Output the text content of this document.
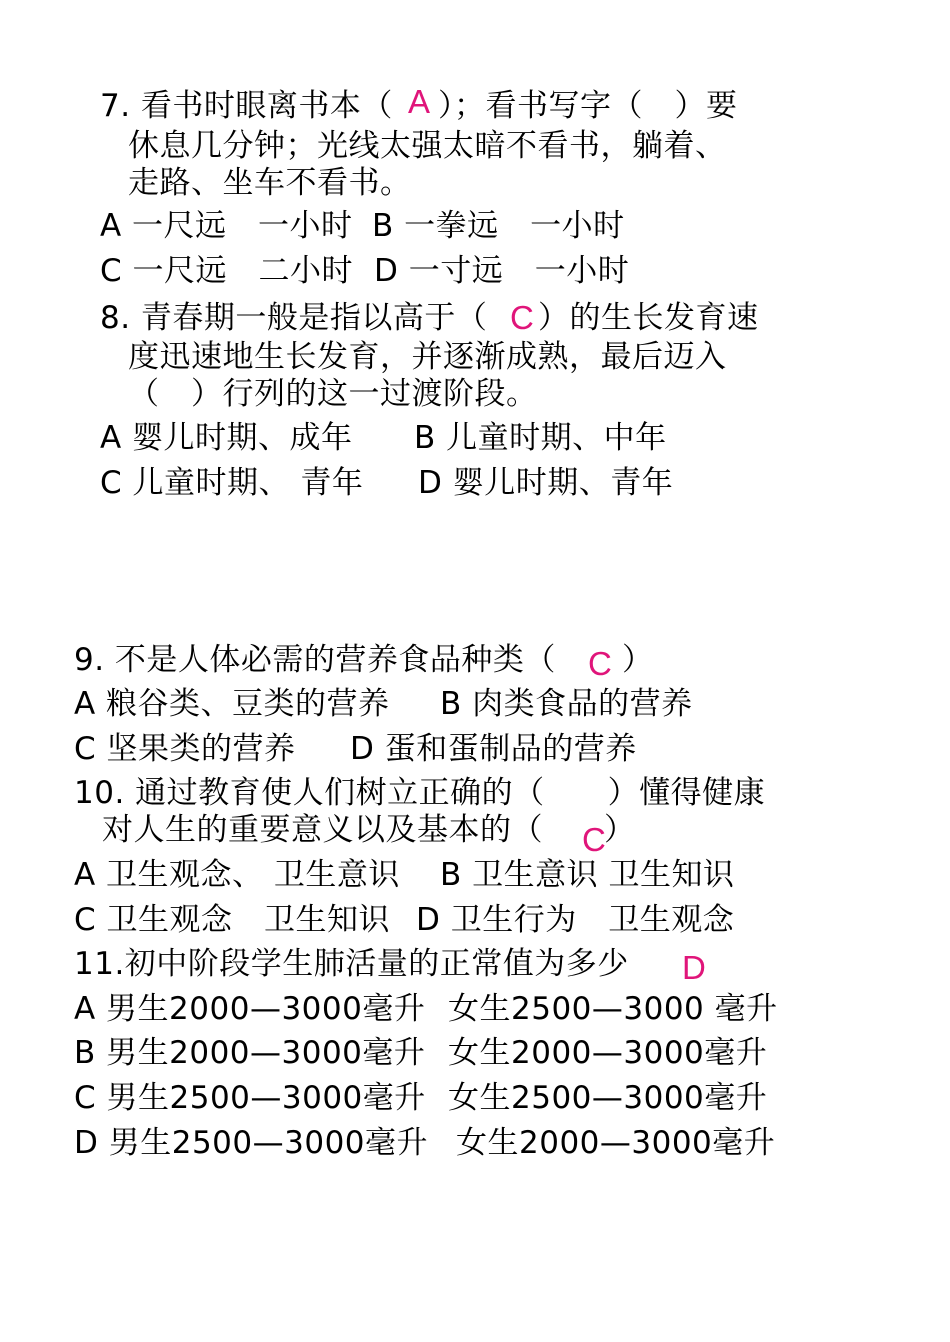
7. 看书时眼离书本（ A ）；看书写字（　）要
休息几分钟；光线太强太暗不看书，躺着、
走路、坐车不看书。
A 一尺远　一小时 B 一拳远　一小时
C 一尺远　二小时 D 一寸远　一小时
8. 青春期一般是指以高于（ C ）的生长发育速
度迅速地生长发育，并逐渐成熟，最后迈入
（　）行列的这一过渡阶段。
A 婴儿时期、成年 B 儿童时期、中年
C 儿童时期、 青年 D 婴儿时期、青年
9. 不是人体必需的营养食品种类（ C ）
A 粮谷类、豆类的营养 B 肉类食品的营养
C 坚果类的营养 D 蛋和蛋制品的营养
10. 通过教育使人们树立正确的（　　）懂得健康
对人生的重要意义以及基本的（ C
）
A 卫生观念、 卫生意识 B 卫生意识 卫生知识
C 卫生观念　卫生知识 D 卫生行为　卫生观念
11.初中阶段学生肺活量的正常值为多少 D
A 男生2000—3000毫升 女生2500—3000 毫升
B 男生2000—3000毫升 女生2000—3000毫升
C 男生2500—3000毫升 女生2500—3000毫升
D 男生2500—3000毫升 女生2000—3000毫升
